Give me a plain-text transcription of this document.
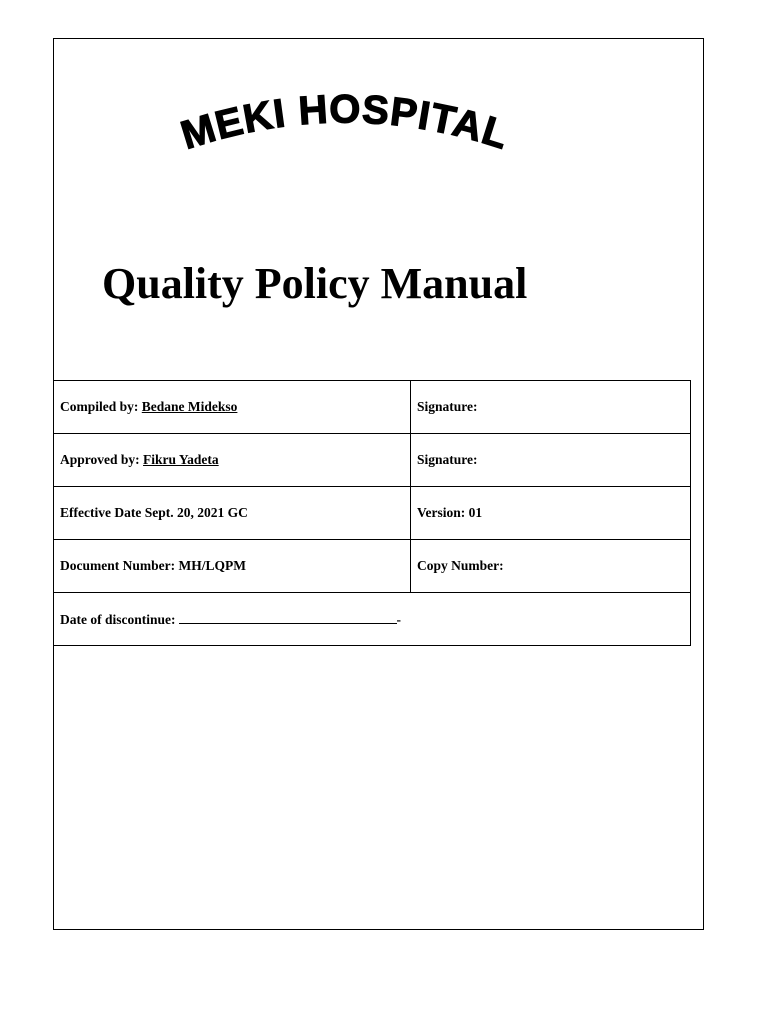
MEKI HOSPITAL
Quality Policy Manual
Compiled by: Bedane Midekso	Signature:
Approved by: Fikru Yadeta	Signature:
Effective Date Sept. 20, 2021 GC	Version: 01
Document Number: MH/LQPM	Copy Number:
Date of discontinue: -	
